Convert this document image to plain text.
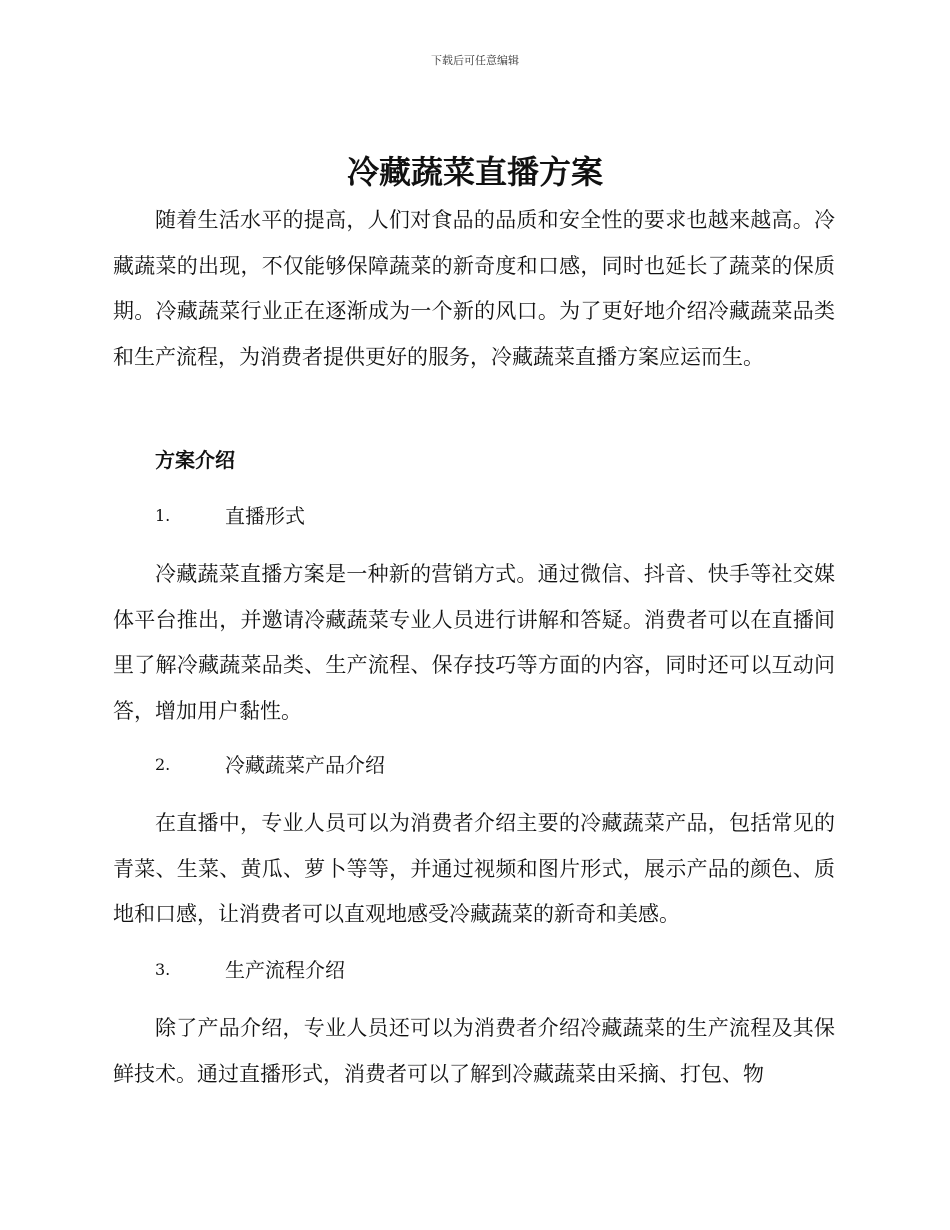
下载后可任意编辑
冷藏蔬菜直播方案

随着生活水平的提高，人们对食品的品质和安全性的要求也越来越高。冷藏蔬菜的出现，不仅能够保障蔬菜的新奇度和口感，同时也延长了蔬菜的保质期。冷藏蔬菜行业正在逐渐成为一个新的风口。为了更好地介绍冷藏蔬菜品类和生产流程，为消费者提供更好的服务，冷藏蔬菜直播方案应运而生。

方案介绍
1.	直播形式

冷藏蔬菜直播方案是一种新的营销方式。通过微信、抖音、快手等社交媒体平台推出，并邀请冷藏蔬菜专业人员进行讲解和答疑。消费者可以在直播间里了解冷藏蔬菜品类、生产流程、保存技巧等方面的内容，同时还可以互动问答，增加用户黏性。

2.	冷藏蔬菜产品介绍

在直播中，专业人员可以为消费者介绍主要的冷藏蔬菜产品，包括常见的青菜、生菜、黄瓜、萝卜等等，并通过视频和图片形式，展示产品的颜色、质地和口感，让消费者可以直观地感受冷藏蔬菜的新奇和美感。

3.	生产流程介绍

除了产品介绍，专业人员还可以为消费者介绍冷藏蔬菜的生产流程及其保鲜技术。通过直播形式，消费者可以了解到冷藏蔬菜由采摘、打包、物
